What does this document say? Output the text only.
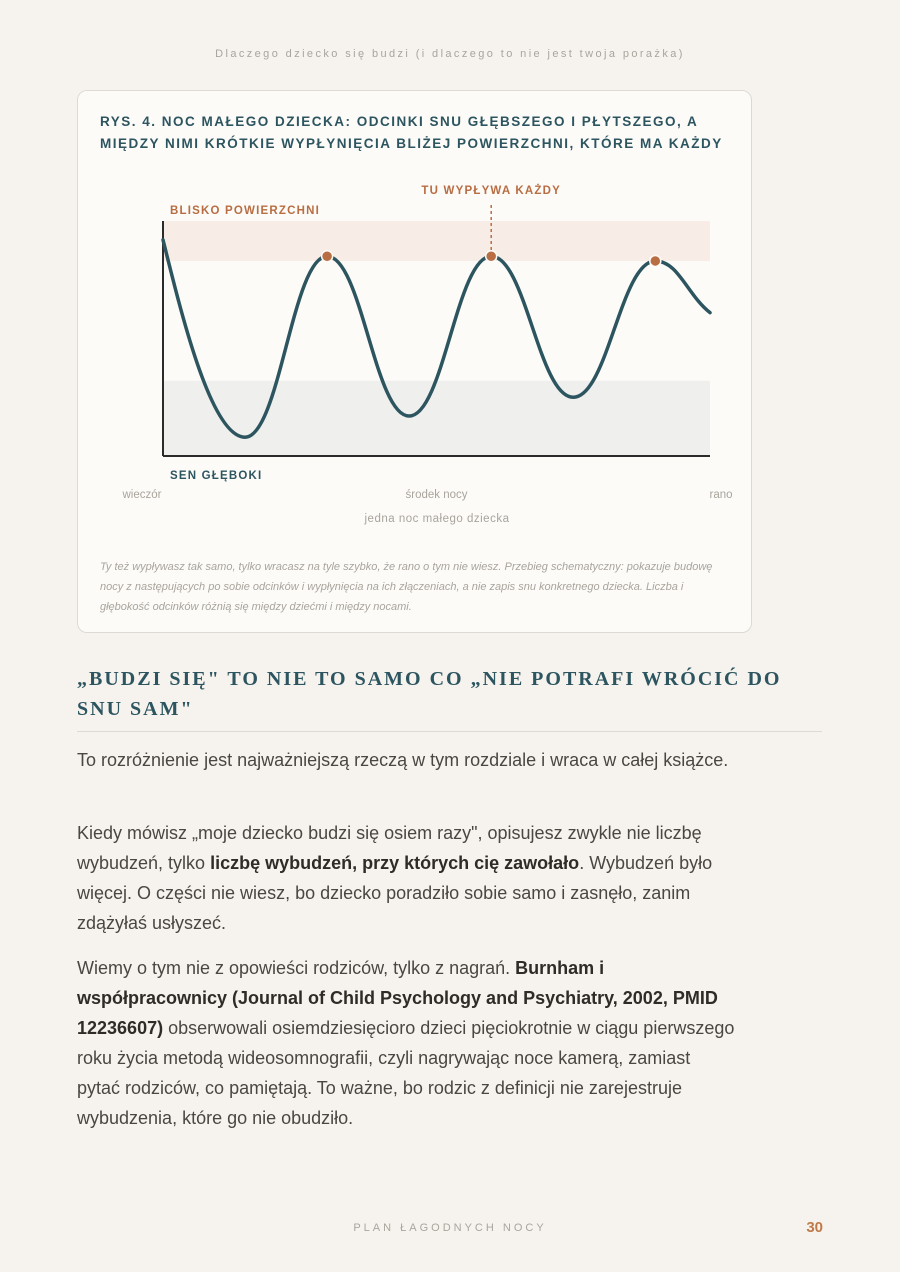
Dlaczego dziecko się budzi (i dlaczego to nie jest twoja porażka)
RYS. 4. NOC MAŁEGO DZIECKA: ODCINKI SNU GŁĘBSZEGO I PŁYTSZEGO, A MIĘDZY NIMI KRÓTKIE WYPŁYNIĘCIA BLIŻEJ POWIERZCHNI, KTÓRE MA KAŻDY
BLISKO POWIERZCHNI
SEN GŁĘBOKI
TU WYPŁYWA KAŻDY
wieczór	środek nocy	rano
jedna noc małego dziecka
Ty też wypływasz tak samo, tylko wracasz na tyle szybko, że rano o tym nie wiesz. Przebieg schematyczny: pokazuje budowę nocy z następujących po sobie odcinków i wypłynięcia na ich złączeniach, a nie zapis snu konkretnego dziecka. Liczba i głębokość odcinków różnią się między dziećmi i między nocami.
„BUDZI SIĘ" TO NIE TO SAMO CO „NIE POTRAFI WRÓCIĆ DO SNU SAM"

To rozróżnienie jest najważniejszą rzeczą w tym rozdziale i wraca w całej książce.

Kiedy mówisz „moje dziecko budzi się osiem razy", opisujesz zwykle nie liczbę wybudzeń, tylko liczbę wybudzeń, przy których cię zawołało. Wybudzeń było więcej. O części nie wiesz, bo dziecko poradziło sobie samo i zasnęło, zanim zdążyłaś usłyszeć.

Wiemy o tym nie z opowieści rodziców, tylko z nagrań. Burnham i współpracownicy (Journal of Child Psychology and Psychiatry, 2002, PMID 12236607) obserwowali osiemdziesięcioro dzieci pięciokrotnie w ciągu pierwszego roku życia metodą wideosomnografii, czyli nagrywając noce kamerą, zamiast pytać rodziców, co pamiętają. To ważne, bo rodzic z definicji nie zarejestruje wybudzenia, które go nie obudziło.

PLAN ŁAGODNYCH NOCY	30
